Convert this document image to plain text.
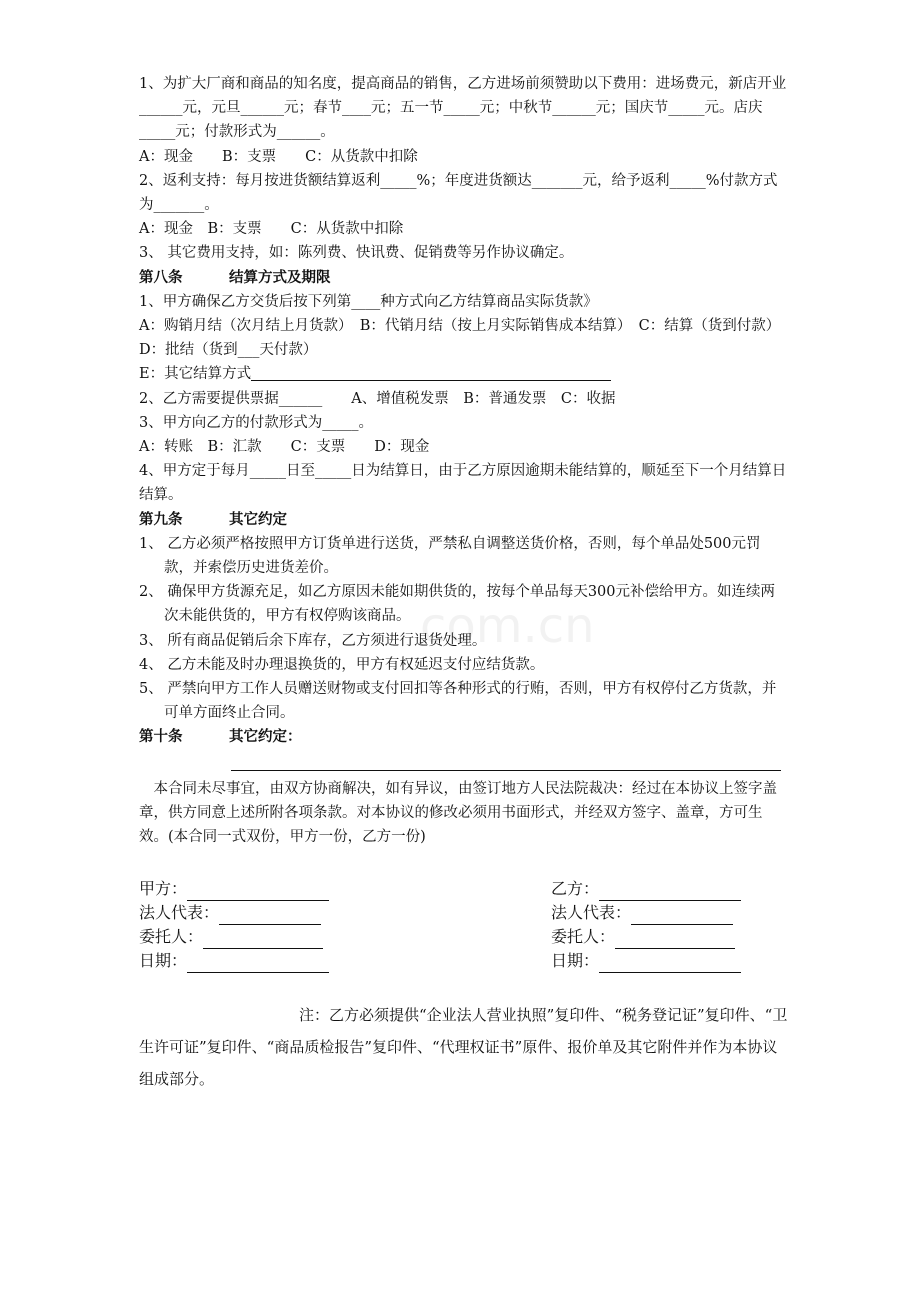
com.cn

1、为扩大厂商和商品的知名度，提高商品的销售，乙方进场前须赞助以下费用：进场费元，新店开业______元，元旦______元；春节____元；五一节_____元；中秋节______元；国庆节_____元。店庆_____元；付款形式为______。

A：现金　　B：支票　　C：从货款中扣除

2、返利支持：每月按进货额结算返利_____%；年度进货额达_______元，给予返利_____%付款方式为_______。

A：现金　B：支票　　C：从货款中扣除

3、 其它费用支持，如：陈列费、快讯费、促销费等另作协议确定。

第八条	结算方式及期限

1、甲方确保乙方交货后按下列第____种方式向乙方结算商品实际货款》

A：购销月结（次月结上月货款）　B：代销月结（按上月实际销售成本结算）　C：结算（货到付款）　D：批结（货到___天付款）

E：其它结算方式

2、乙方需要提供票据______　　A、增值税发票　B：普通发票　C：收据

3、甲方向乙方的付款形式为_____。

A：转账　B：汇款　　C：支票　　D：现金

4、甲方定于每月_____日至_____日为结算日，由于乙方原因逾期未能结算的，顺延至下一个月结算日结算。

第九条	其它约定

1、 乙方必须严格按照甲方订货单进行送货，严禁私自调整送货价格，否则，每个单品处500元罚款，并索偿历史进货差价。

2、 确保甲方货源充足，如乙方原因未能如期供货的，按每个单品每天300元补偿给甲方。如连续两次未能供货的，甲方有权停购该商品。

3、 所有商品促销后余下库存，乙方须进行退货处理。

4、 乙方未能及时办理退换货的，甲方有权延迟支付应结货款。

5、 严禁向甲方工作人员赠送财物或支付回扣等各种形式的行贿，否则，甲方有权停付乙方货款，并可单方面终止合同。

第十条	其它约定：

本合同未尽事宜，由双方协商解决，如有异议，由签订地方人民法院裁决：经过在本协议上签字盖章，供方同意上述所附各项条款。对本协议的修改必须用书面形式，并经双方签字、盖章，方可生效。(本合同一式双份，甲方一份，乙方一份)

甲方：
法人代表：
委托人：
日期：
乙方：
法人代表：
委托人：
日期：

注：乙方必须提供“企业法人营业执照”复印件、“税务登记证”复印件、“卫生许可证”复印件、“商品质检报告”复印件、“代理权证书”原件、报价单及其它附件并作为本协议组成部分。
